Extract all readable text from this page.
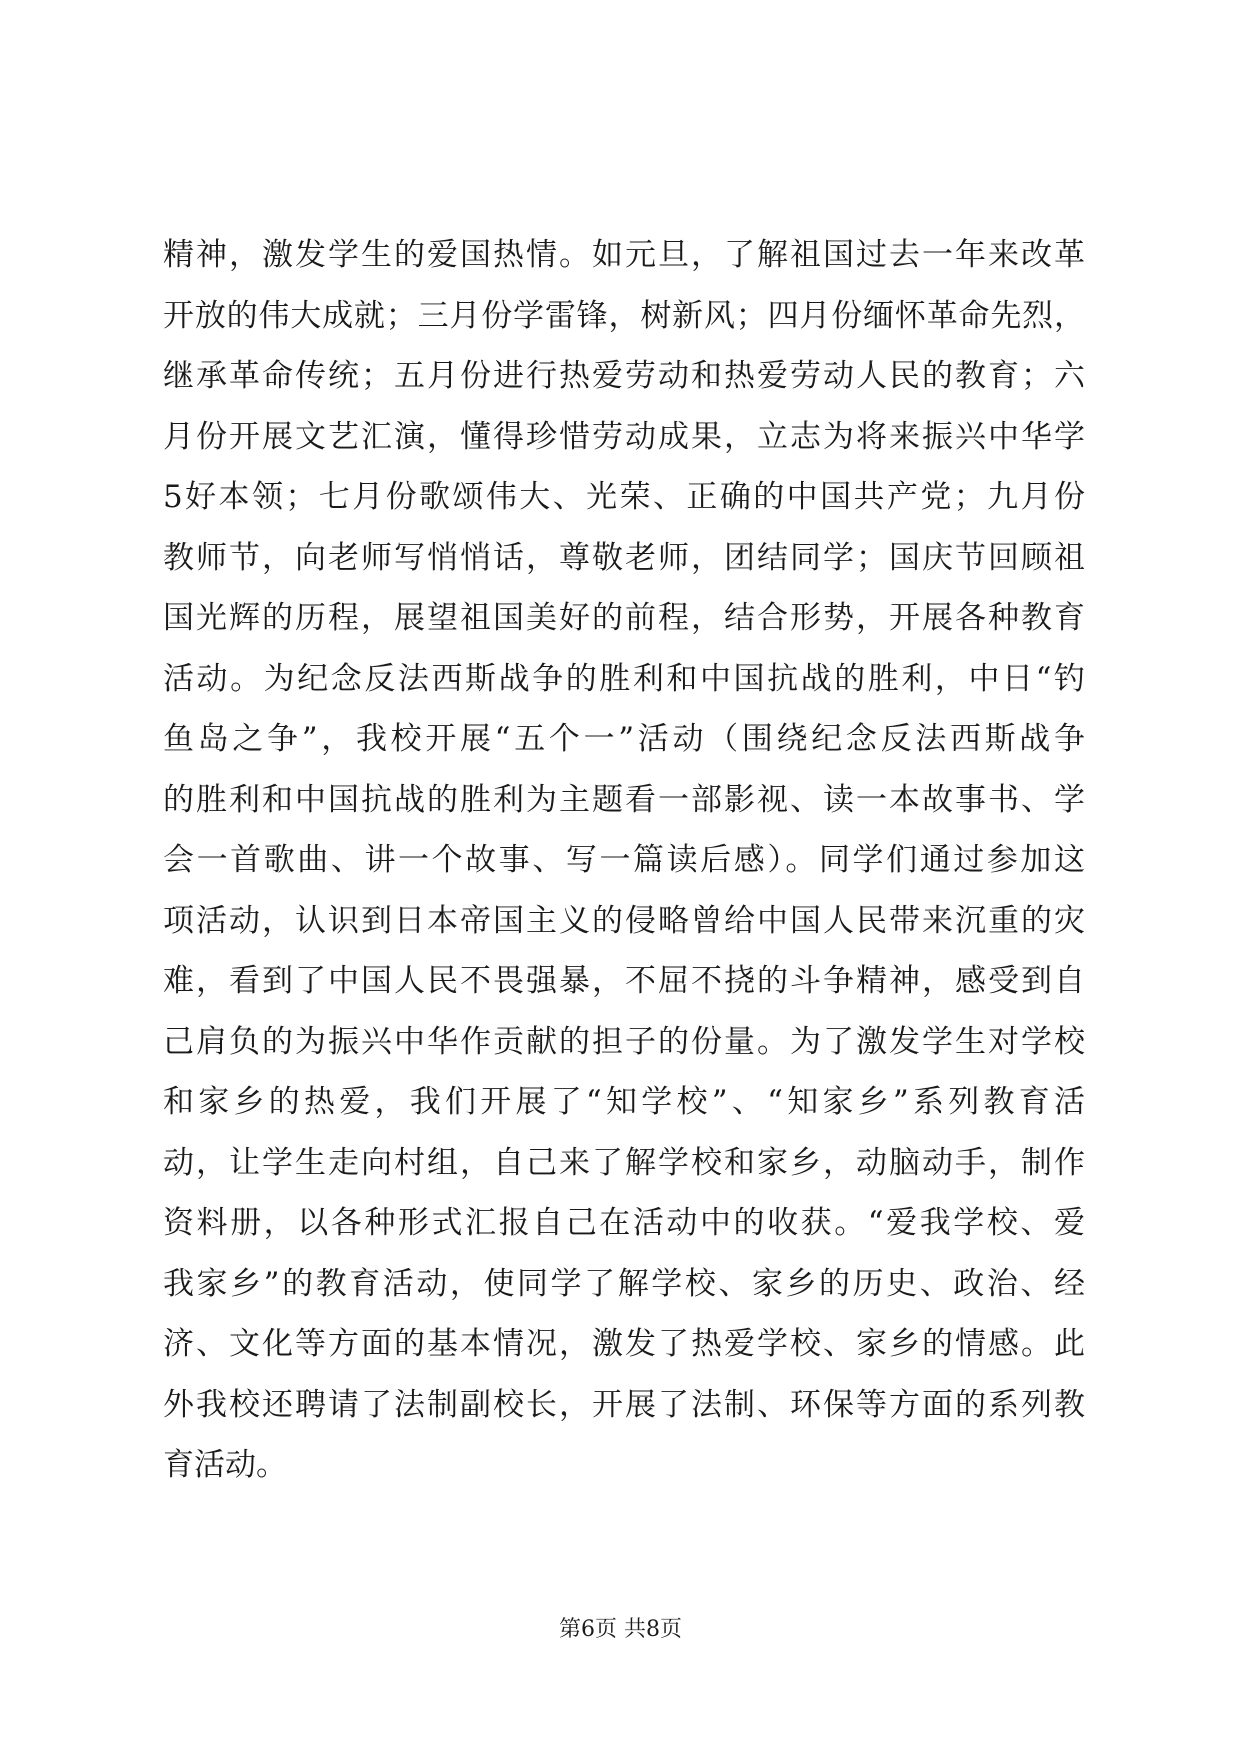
精神，激发学生的爱国热情。如元旦，了解祖国过去一年来改革
开放的伟大成就；三月份学雷锋，树新风；四月份缅怀革命先烈，
继承革命传统；五月份进行热爱劳动和热爱劳动人民的教育；六
月份开展文艺汇演，懂得珍惜劳动成果，立志为将来振兴中华学
5好本领；七月份歌颂伟大、光荣、正确的中国共产党；九月份
教师节，向老师写悄悄话，尊敬老师，团结同学；国庆节回顾祖
国光辉的历程，展望祖国美好的前程，结合形势，开展各种教育
活动。为纪念反法西斯战争的胜利和中国抗战的胜利，中日“钓
鱼岛之争”，我校开展“五个一”活动（围绕纪念反法西斯战争
的胜利和中国抗战的胜利为主题看一部影视、读一本故事书、学
会一首歌曲、讲一个故事、写一篇读后感）。同学们通过参加这
项活动，认识到日本帝国主义的侵略曾给中国人民带来沉重的灾
难，看到了中国人民不畏强暴，不屈不挠的斗争精神，感受到自
己肩负的为振兴中华作贡献的担子的份量。为了激发学生对学校
和家乡的热爱，我们开展了“知学校”、“知家乡”系列教育活
动，让学生走向村组，自己来了解学校和家乡，动脑动手，制作
资料册，以各种形式汇报自己在活动中的收获。“爱我学校、爱
我家乡”的教育活动，使同学了解学校、家乡的历史、政治、经
济、文化等方面的基本情况，激发了热爱学校、家乡的情感。此
外我校还聘请了法制副校长，开展了法制、环保等方面的系列教
育活动。
第6页 共8页
